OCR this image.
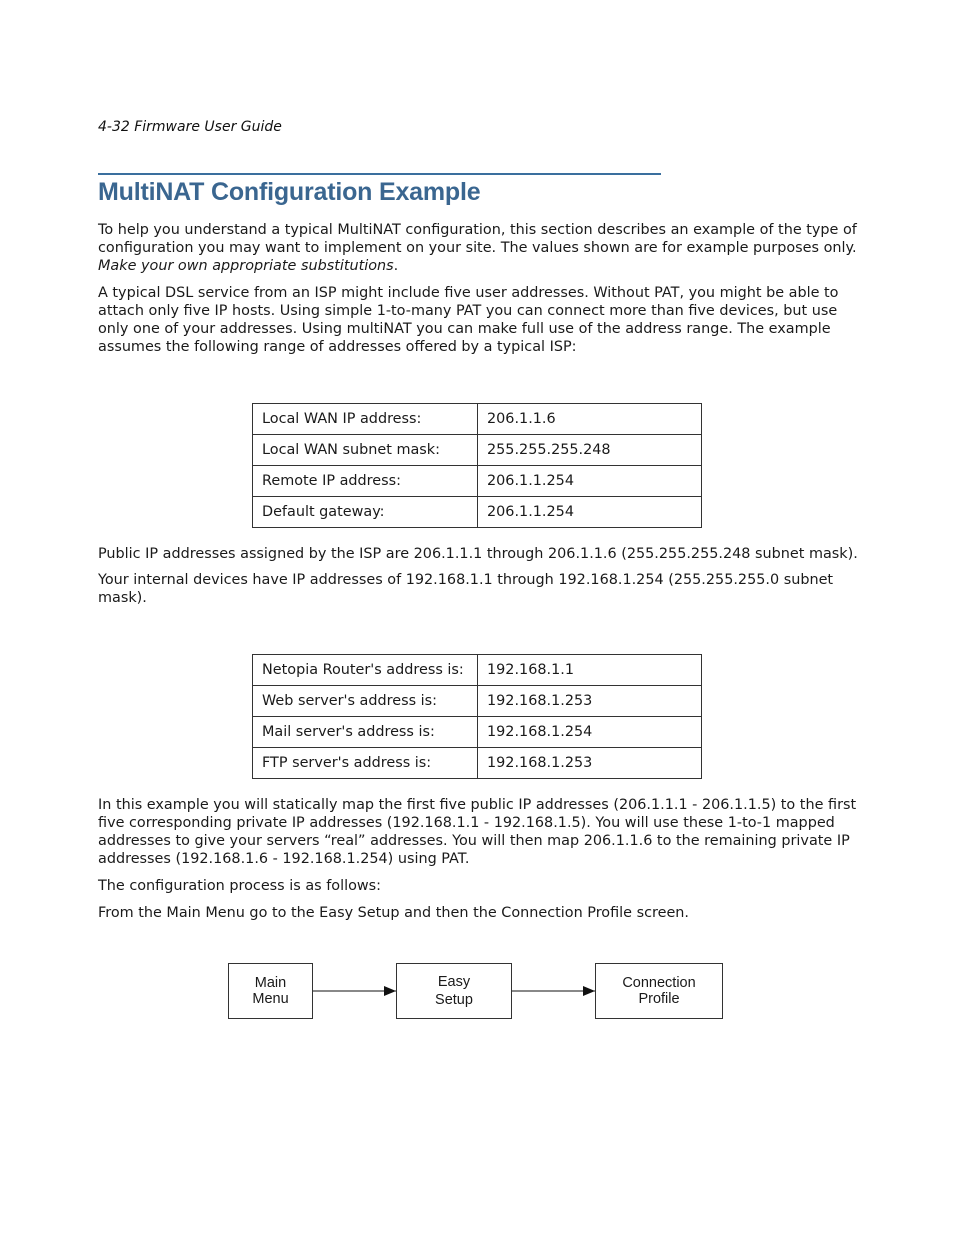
4-32 Firmware User Guide
MultiNAT Configuration Example

To help you understand a typical MultiNAT configuration, this section describes an example of the type of configuration you may want to implement on your site. The values shown are for example purposes only. Make your own appropriate substitutions.

A typical DSL service from an ISP might include five user addresses. Without PAT, you might be able to attach only five IP hosts. Using simple 1-to-many PAT you can connect more than five devices, but use only one of your addresses. Using multiNAT you can make full use of the address range. The example assumes the following range of addresses offered by a typical ISP:

Local WAN IP address:	206.1.1.6
Local WAN subnet mask:	255.255.255.248
Remote IP address:	206.1.1.254
Default gateway:	206.1.1.254

Public IP addresses assigned by the ISP are 206.1.1.1 through 206.1.1.6 (255.255.255.248 subnet mask).

Your internal devices have IP addresses of 192.168.1.1 through 192.168.1.254 (255.255.255.0 subnet mask).

Netopia Router's address is:	192.168.1.1
Web server's address is:	192.168.1.253
Mail server's address is:	192.168.1.254
FTP server's address is:	192.168.1.253

In this example you will statically map the first five public IP addresses (206.1.1.1 - 206.1.1.5) to the first five corresponding private IP addresses (192.168.1.1 - 192.168.1.5). You will use these 1-to-1 mapped addresses to give your servers “real” addresses. You will then map 206.1.1.6 to the remaining private IP addresses (192.168.1.6 - 192.168.1.254) using PAT.

The configuration process is as follows:

From the Main Menu go to the Easy Setup and then the Connection Profile screen.

Main
Menu
Easy
Setup
Connection
Profile
